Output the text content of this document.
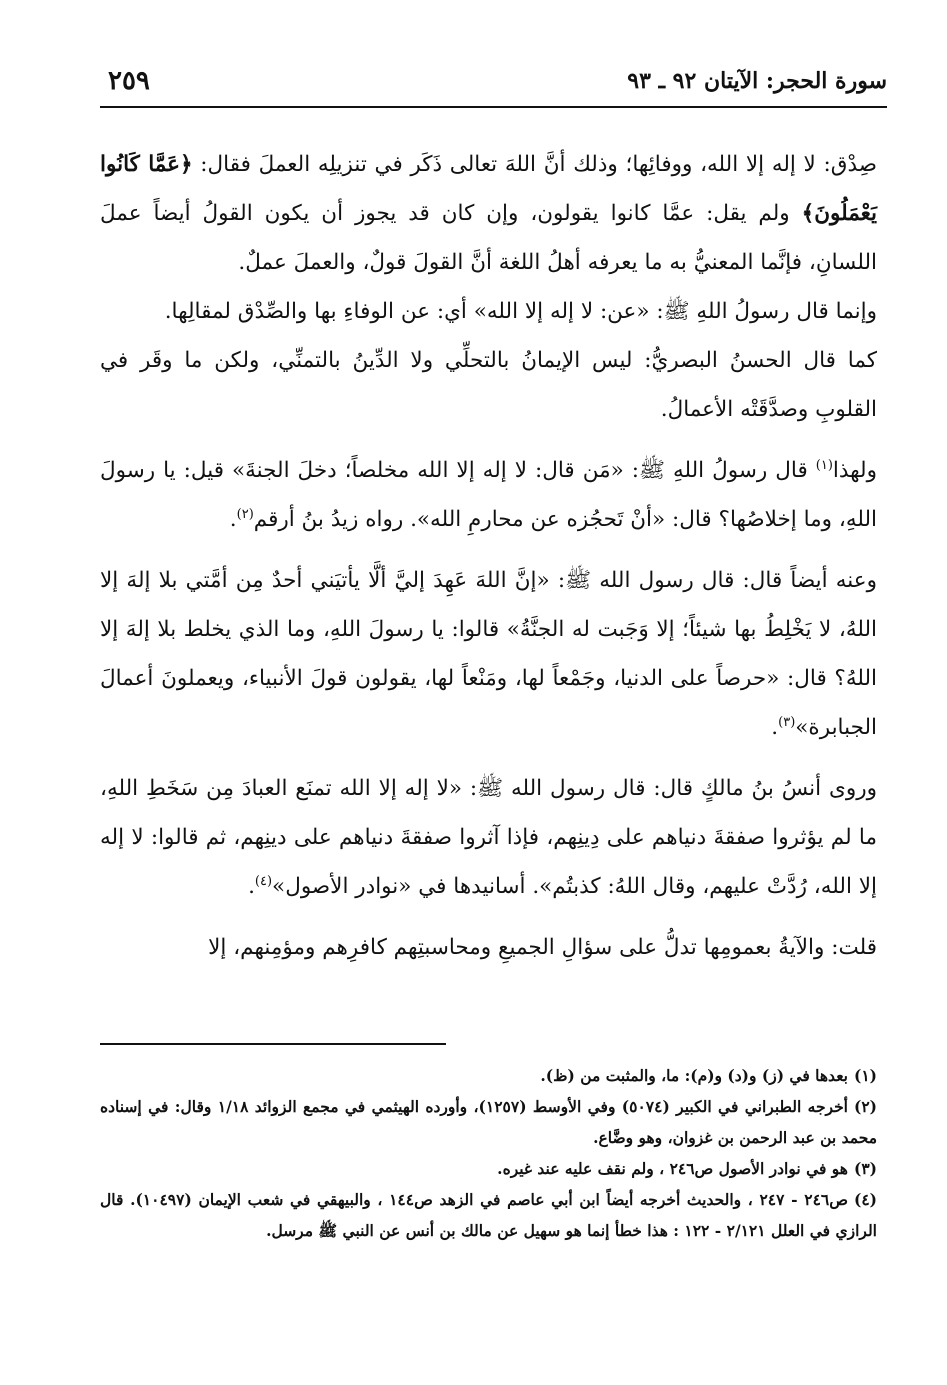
سورة الحجر: الآيتان ٩٢ ـ ٩٣
٢٥٩

صِدْق: لا إله إلا الله، ووفائِها؛ وذلك أنَّ اللهَ تعالى ذَكَر في تنزيلِه العملَ فقال: ﴿عَمَّا كَانُوا يَعْمَلُونَ﴾ ولم يقل: عمَّا كانوا يقولون، وإن كان قد يجوز أن يكون القولُ أيضاً عملَ اللسانِ، فإنَّما المعنيُّ به ما يعرفه أهلُ اللغة أنَّ القولَ قولٌ، والعملَ عملٌ.

وإنما قال رسولُ اللهِ ﷺ: «عن: لا إله إلا الله» أي: عن الوفاءِ بها والصِّدْق لمقالِها.

كما قال الحسنُ البصريُّ: ليس الإيمانُ بالتحلِّي ولا الدِّينُ بالتمنِّي، ولكن ما وقَر في القلوبِ وصدَّقَتْه الأعمالُ.

ولهذا$^{(١)}$ قال رسولُ اللهِ ﷺ: «مَن قال: لا إله إلا الله مخلصاً؛ دخلَ الجنةَ» قيل: يا رسولَ اللهِ، وما إخلاصُها؟ قال: «أنْ تَحجُزه عن محارمِ الله». رواه زيدُ بنُ أرقم$^{(٢)}$.

وعنه أيضاً قال: قال رسول الله ﷺ: «إنَّ اللهَ عَهِدَ إليَّ ألَّا يأتيَني أحدٌ مِن أمَّتي بلا إلهَ إلا اللهُ، لا يَخْلِطُ بها شيئاً؛ إلا وَجَبت له الجنَّةُ» قالوا: يا رسولَ اللهِ، وما الذي يخلط بلا إلهَ إلا اللهُ؟ قال: «حرصاً على الدنيا، وجَمْعاً لها، ومَنْعاً لها، يقولون قولَ الأنبياء، ويعملونَ أعمالَ الجبابرة»$^{(٣)}$.

وروى أنسُ بنُ مالكٍ قال: قال رسول الله ﷺ: «لا إله إلا الله تمنَع العبادَ مِن سَخَطِ اللهِ، ما لم يؤثروا صفقةَ دنياهم على دِينِهم، فإذا آثروا صفقةَ دنياهم على دينِهم، ثم قالوا: لا إله إلا الله، رُدَّتْ عليهم، وقال اللهُ: كذبتُم». أسانيدها في «نوادر الأصول»$^{(٤)}$.

قلت: والآيةُ بعمومِها تدلُّ على سؤالِ الجميعِ ومحاسبتِهم كافرِهم ومؤمِنهم، إلا

(١)بعدها في (ز) و(د) و(م): ما، والمثبت من (ظ).

(٢)أخرجه الطبراني في الكبير (٥٠٧٤) وفي الأوسط (١٢٥٧)، وأورده الهيثمي في مجمع الزوائد ١/١٨ وقال: في إسناده محمد بن عبد الرحمن بن غزوان، وهو وضَّاع.

(٣)هو في نوادر الأصول ص٢٤٦ ، ولم نقف عليه عند غيره.

(٤)ص٢٤٦ - ٢٤٧ ، والحديث أخرجه أيضاً ابن أبي عاصم في الزهد ص١٤٤ ، والبيهقي في شعب الإيمان (١٠٤٩٧). قال الرازي في العلل ٢/١٢١ - ١٢٢ : هذا خطأ إنما هو سهيل عن مالك بن أنس عن النبي ﷺ مرسل.
